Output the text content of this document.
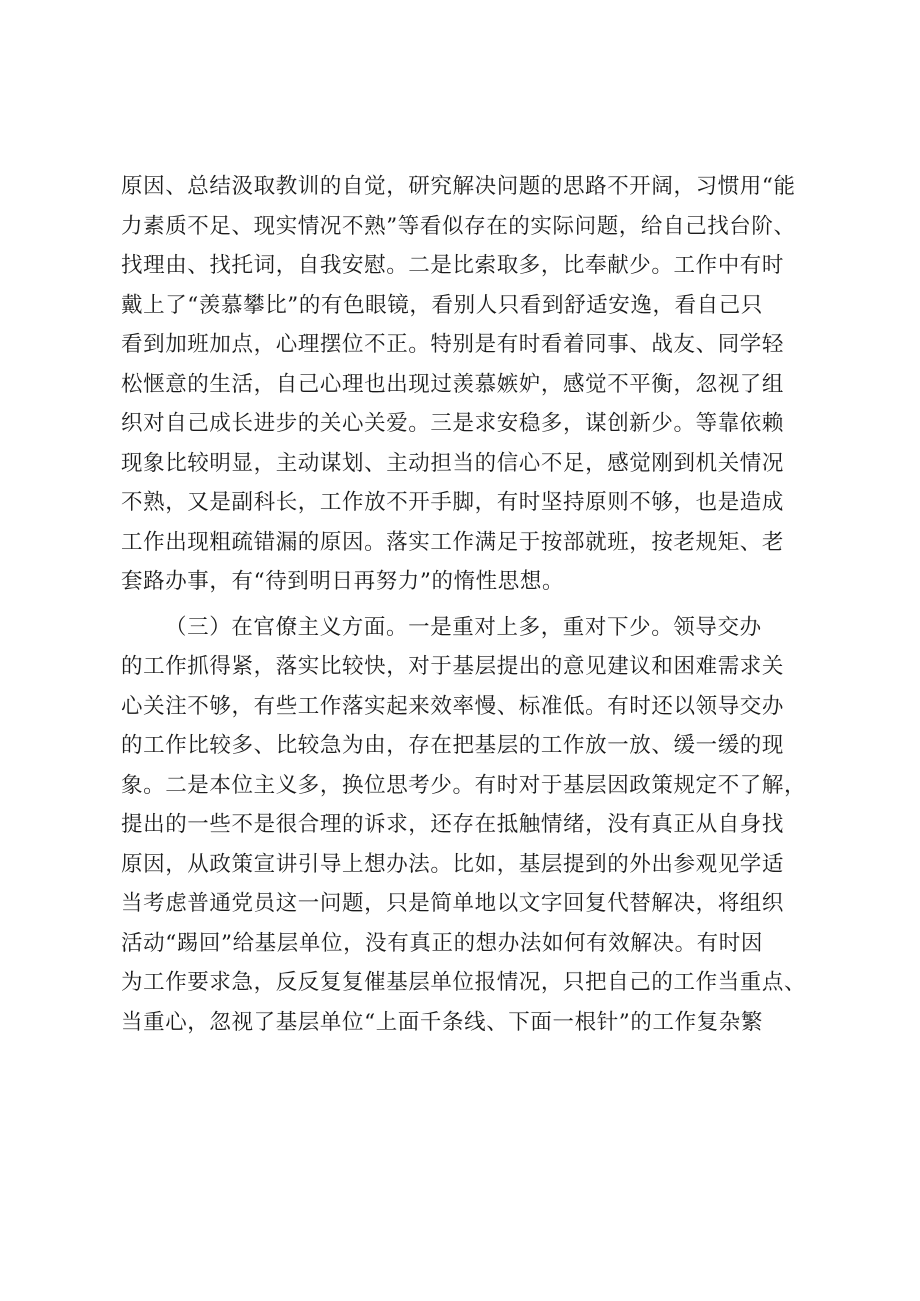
原因、总结汲取教训的自觉，研究解决问题的思路不开阔，习惯用“能
力素质不足、现实情况不熟”等看似存在的实际问题，给自己找台阶、
找理由、找托词，自我安慰。二是比索取多，比奉献少。工作中有时
戴上了“羡慕攀比”的有色眼镜，看别人只看到舒适安逸，看自己只
看到加班加点，心理摆位不正。特别是有时看着同事、战友、同学轻
松惬意的生活，自己心理也出现过羡慕嫉妒，感觉不平衡，忽视了组
织对自己成长进步的关心关爱。三是求安稳多，谋创新少。等靠依赖
现象比较明显，主动谋划、主动担当的信心不足，感觉刚到机关情况
不熟，又是副科长，工作放不开手脚，有时坚持原则不够，也是造成
工作出现粗疏错漏的原因。落实工作满足于按部就班，按老规矩、老
套路办事，有“待到明日再努力”的惰性思想。
（三）在官僚主义方面。一是重对上多，重对下少。领导交办
的工作抓得紧，落实比较快，对于基层提出的意见建议和困难需求关
心关注不够，有些工作落实起来效率慢、标准低。有时还以领导交办
的工作比较多、比较急为由，存在把基层的工作放一放、缓一缓的现
象。二是本位主义多，换位思考少。有时对于基层因政策规定不了解，
提出的一些不是很合理的诉求，还存在抵触情绪，没有真正从自身找
原因，从政策宣讲引导上想办法。比如，基层提到的外出参观见学适
当考虑普通党员这一问题，只是简单地以文字回复代替解决，将组织
活动“踢回”给基层单位，没有真正的想办法如何有效解决。有时因
为工作要求急，反反复复催基层单位报情况，只把自己的工作当重点、
当重心，忽视了基层单位“上面千条线、下面一根针”的工作复杂繁
